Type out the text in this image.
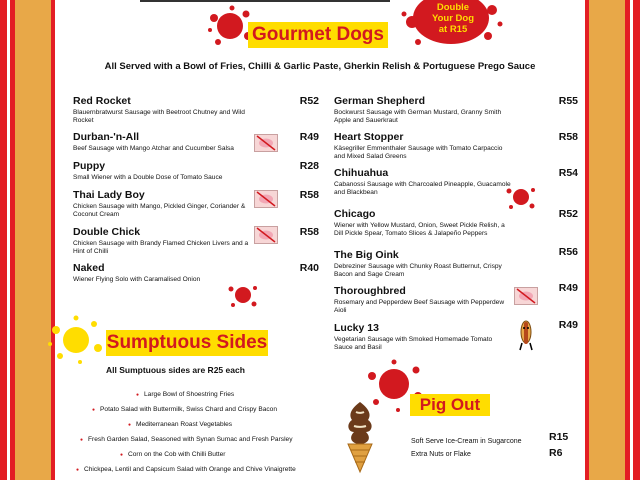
Double
Your Dog
at R15
Gourmet Dogs
All Served with a Bowl of Fries, Chilli & Garlic Paste, Gherkin Relish & Portuguese Prego Sauce
Red Rocket
Blauernbratwurst Sausage with Beetroot Chutney and Wild Rocket
R52
Durban-'n-All
Beef Sausage with Mango Atchar and Cucumber Salsa
R49
Puppy
Small Wiener with a Double Dose of Tomato Sauce
R28
Thai Lady Boy
Chicken Sausage with Mango, Pickled Ginger, Coriander & Coconut Cream
R58
Double Chick
Chicken Sausage with Brandy Flamed Chicken Livers and a Hint of Chilli
R58
Naked
Wiener Flying Solo with Caramalised Onion
R40
German Shepherd
Bockwurst Sausage with German Mustard, Granny Smith Apple and Sauerkraut
R55
Heart Stopper
Käsegriller Emmenthaler Sausage with Tomato Carpaccio and Mixed Salad Greens
R58
Chihuahua
Cabanossi Sausage with Charcoaled Pineapple, Guacamole and Blackbean
R54
Chicago
Wiener with Yellow Mustard, Onion, Sweet Pickle Relish, a Dill Pickle Spear, Tomato Slices & Jalapeño Peppers
R52
The Big Oink
Debreziner Sausage with Chunky Roast Butternut, Crispy Bacon and Sage Cream
R56
Thoroughbred
Rosemary and Pepperdew Beef Sausage with Pepperdew Aioli
R49
Lucky 13
Vegetarian Sausage with Smoked Homemade Tomato Sauce and Basil
R49
Sumptuous Sides
All Sumptuous sides are R25 each
● Large Bowl of Shoestring Fries
● Potato Salad with Buttermilk, Swiss Chard and Crispy Bacon
● Mediterranean Roast Vegetables
● Fresh Garden Salad, Seasoned with Synan Sumac and Fresh Parsley
● Corn on the Cob with Chilli Butter
● Chickpea, Lentil and Capsicum Salad with Orange and Chive Vinaigrette
Pig Out
Soft Serve Ice-Cream in Sugarcone	R15
Extra Nuts or Flake	R6
